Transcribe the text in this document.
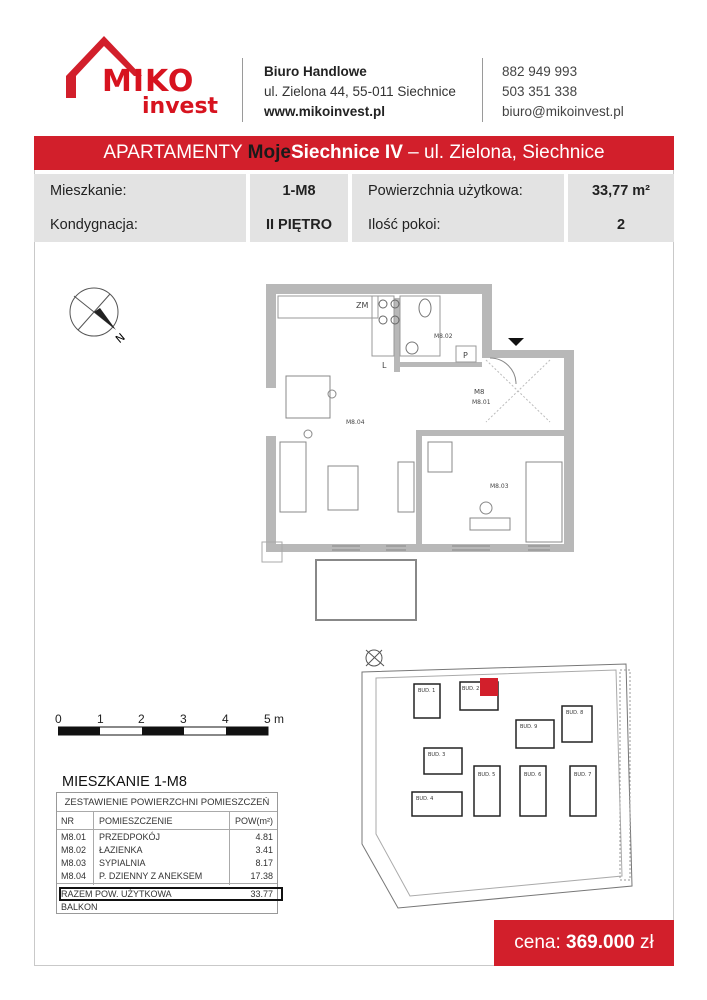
MIKO
invest
Biuro Handlowe
ul. Zielona 44, 55-011 Siechnice
www.mikoinvest.pl
882 949 993
503 351 338
biuro@mikoinvest.pl
APARTAMENTY MojeSiechnice IV – ul. Zielona, Siechnice
Mieszkanie:	1-M8	Powierzchnia użytkowa:	33,77 m²
Kondygnacja:	II PIĘTRO	Ilość pokoi:	2
N
ZM
L
P
M8.02
M8
M8.01
M8.04
M8.03
0	1	2	3	4	5 m
BUD. 1	BUD. 2
BUD. 3
BUD. 4
BUD. 5	BUD. 6	BUD. 7
BUD. 8
BUD. 9
MIESZKANIE 1-M8
ZESTAWIENIE POWIERZCHNI POMIESZCZEŃ
NR	POMIESZCZENIE	POW(m²)
M8.01 PRZEDPOKÓJ	4.81
M8.02 ŁAZIENKA	3.41
M8.03 SYPIALNIA	8.17
M8.04 P. DZIENNY Z ANEKSEM	17.38
RAZEM POW. UŻYTKOWA	33.77
BALKON
cena: 369.000 zł
